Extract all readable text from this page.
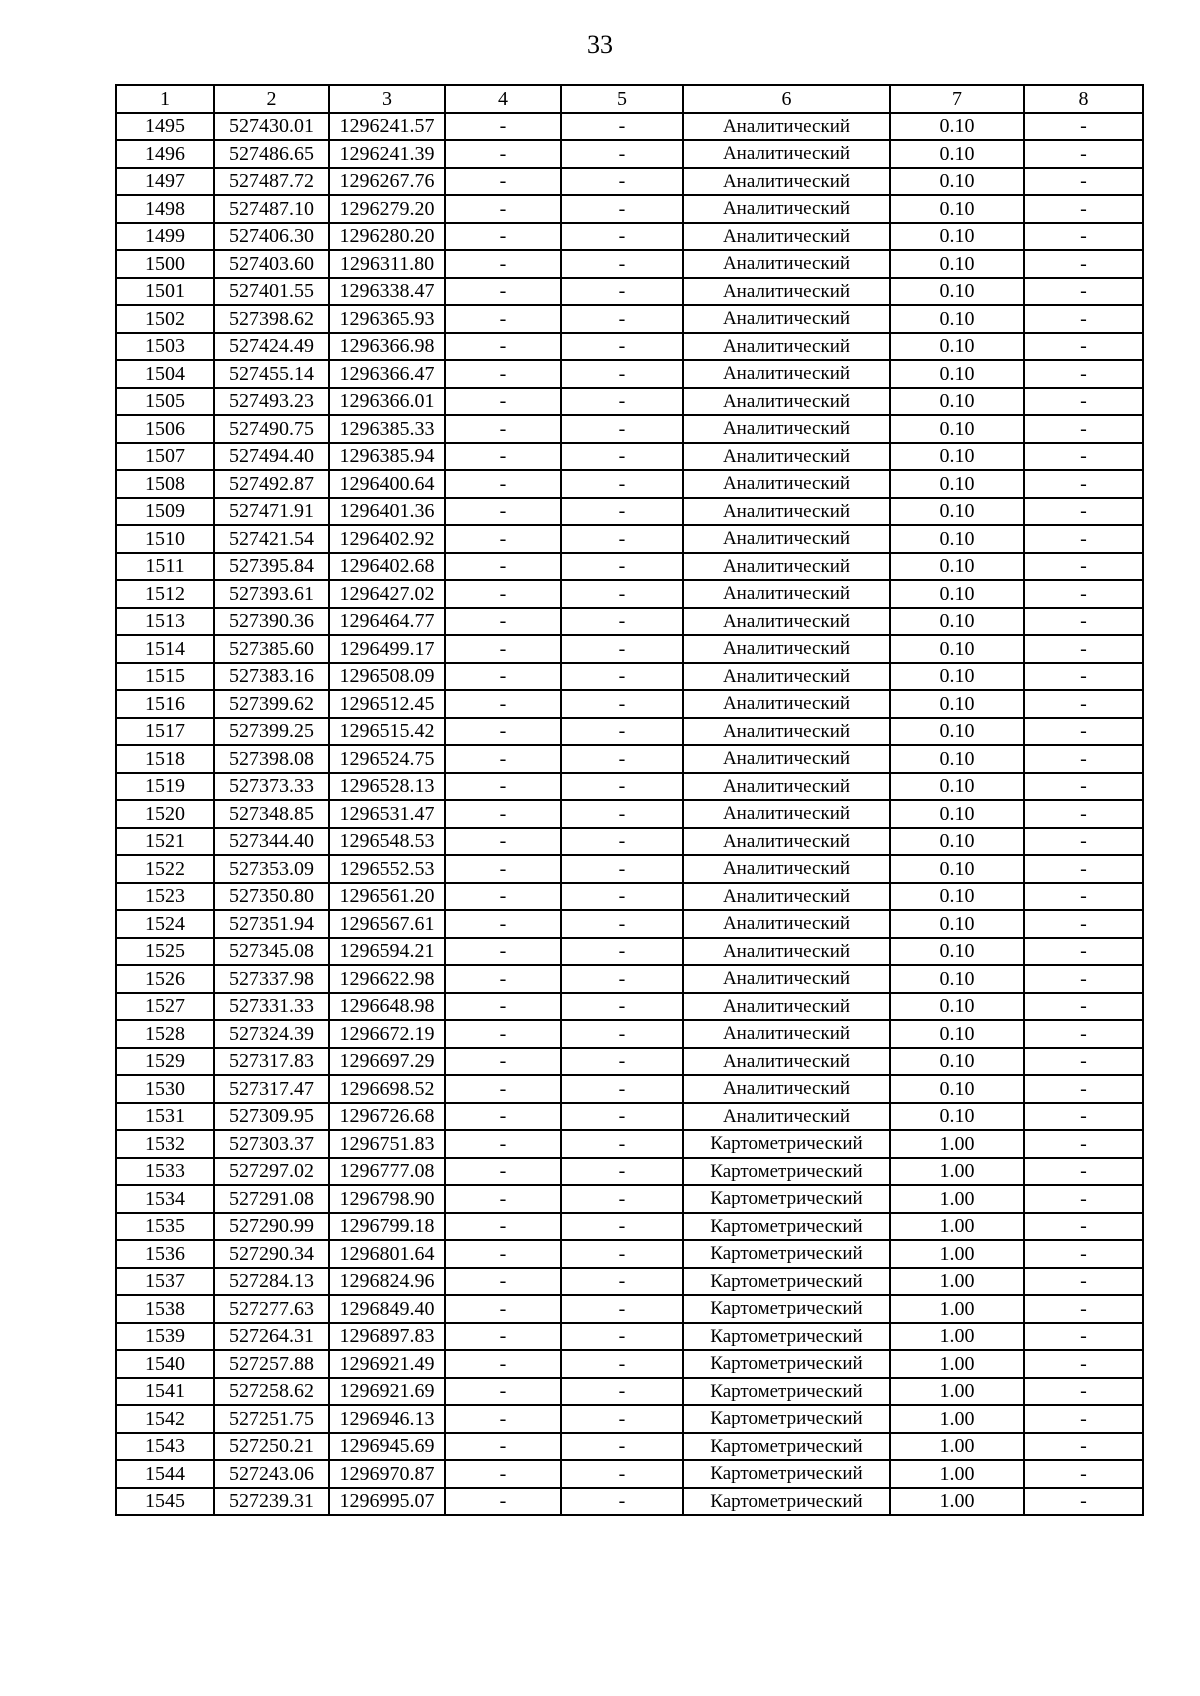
33
1	2	3	4	5	6	7	8
1495	527430.01	1296241.57	-	-	Аналитический	0.10	-
1496	527486.65	1296241.39	-	-	Аналитический	0.10	-
1497	527487.72	1296267.76	-	-	Аналитический	0.10	-
1498	527487.10	1296279.20	-	-	Аналитический	0.10	-
1499	527406.30	1296280.20	-	-	Аналитический	0.10	-
1500	527403.60	1296311.80	-	-	Аналитический	0.10	-
1501	527401.55	1296338.47	-	-	Аналитический	0.10	-
1502	527398.62	1296365.93	-	-	Аналитический	0.10	-
1503	527424.49	1296366.98	-	-	Аналитический	0.10	-
1504	527455.14	1296366.47	-	-	Аналитический	0.10	-
1505	527493.23	1296366.01	-	-	Аналитический	0.10	-
1506	527490.75	1296385.33	-	-	Аналитический	0.10	-
1507	527494.40	1296385.94	-	-	Аналитический	0.10	-
1508	527492.87	1296400.64	-	-	Аналитический	0.10	-
1509	527471.91	1296401.36	-	-	Аналитический	0.10	-
1510	527421.54	1296402.92	-	-	Аналитический	0.10	-
1511	527395.84	1296402.68	-	-	Аналитический	0.10	-
1512	527393.61	1296427.02	-	-	Аналитический	0.10	-
1513	527390.36	1296464.77	-	-	Аналитический	0.10	-
1514	527385.60	1296499.17	-	-	Аналитический	0.10	-
1515	527383.16	1296508.09	-	-	Аналитический	0.10	-
1516	527399.62	1296512.45	-	-	Аналитический	0.10	-
1517	527399.25	1296515.42	-	-	Аналитический	0.10	-
1518	527398.08	1296524.75	-	-	Аналитический	0.10	-
1519	527373.33	1296528.13	-	-	Аналитический	0.10	-
1520	527348.85	1296531.47	-	-	Аналитический	0.10	-
1521	527344.40	1296548.53	-	-	Аналитический	0.10	-
1522	527353.09	1296552.53	-	-	Аналитический	0.10	-
1523	527350.80	1296561.20	-	-	Аналитический	0.10	-
1524	527351.94	1296567.61	-	-	Аналитический	0.10	-
1525	527345.08	1296594.21	-	-	Аналитический	0.10	-
1526	527337.98	1296622.98	-	-	Аналитический	0.10	-
1527	527331.33	1296648.98	-	-	Аналитический	0.10	-
1528	527324.39	1296672.19	-	-	Аналитический	0.10	-
1529	527317.83	1296697.29	-	-	Аналитический	0.10	-
1530	527317.47	1296698.52	-	-	Аналитический	0.10	-
1531	527309.95	1296726.68	-	-	Аналитический	0.10	-
1532	527303.37	1296751.83	-	-	Картометрический	1.00	-
1533	527297.02	1296777.08	-	-	Картометрический	1.00	-
1534	527291.08	1296798.90	-	-	Картометрический	1.00	-
1535	527290.99	1296799.18	-	-	Картометрический	1.00	-
1536	527290.34	1296801.64	-	-	Картометрический	1.00	-
1537	527284.13	1296824.96	-	-	Картометрический	1.00	-
1538	527277.63	1296849.40	-	-	Картометрический	1.00	-
1539	527264.31	1296897.83	-	-	Картометрический	1.00	-
1540	527257.88	1296921.49	-	-	Картометрический	1.00	-
1541	527258.62	1296921.69	-	-	Картометрический	1.00	-
1542	527251.75	1296946.13	-	-	Картометрический	1.00	-
1543	527250.21	1296945.69	-	-	Картометрический	1.00	-
1544	527243.06	1296970.87	-	-	Картометрический	1.00	-
1545	527239.31	1296995.07	-	-	Картометрический	1.00	-
